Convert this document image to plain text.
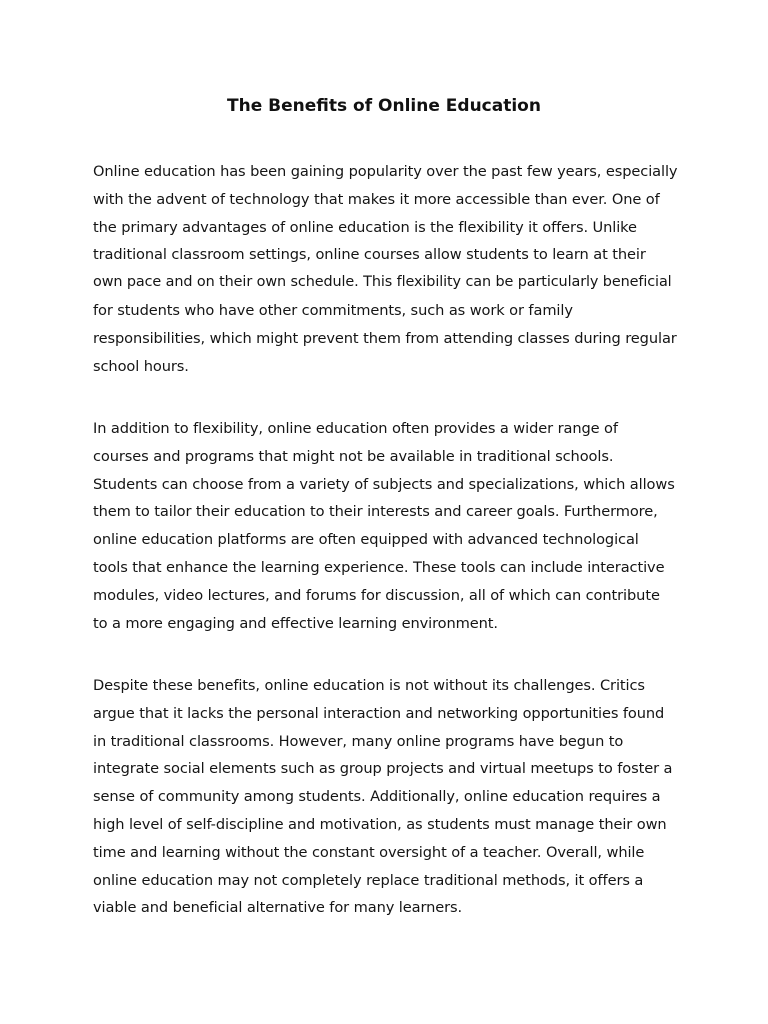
The Benefits of Online Education

Online education has been gaining popularity over the past few years, especially
with the advent of technology that makes it more accessible than ever. One of
the primary advantages of online education is the flexibility it offers. Unlike
traditional classroom settings, online courses allow students to learn at their
own pace and on their own schedule. This flexibility can be particularly beneficial
for students who have other commitments, such as work or family
responsibilities, which might prevent them from attending classes during regular
school hours.

In addition to flexibility, online education often provides a wider range of
courses and programs that might not be available in traditional schools.
Students can choose from a variety of subjects and specializations, which allows
them to tailor their education to their interests and career goals. Furthermore,
online education platforms are often equipped with advanced technological
tools that enhance the learning experience. These tools can include interactive
modules, video lectures, and forums for discussion, all of which can contribute
to a more engaging and effective learning environment.

Despite these benefits, online education is not without its challenges. Critics
argue that it lacks the personal interaction and networking opportunities found
in traditional classrooms. However, many online programs have begun to
integrate social elements such as group projects and virtual meetups to foster a
sense of community among students. Additionally, online education requires a
high level of self-discipline and motivation, as students must manage their own
time and learning without the constant oversight of a teacher. Overall, while
online education may not completely replace traditional methods, it offers a
viable and beneficial alternative for many learners.
